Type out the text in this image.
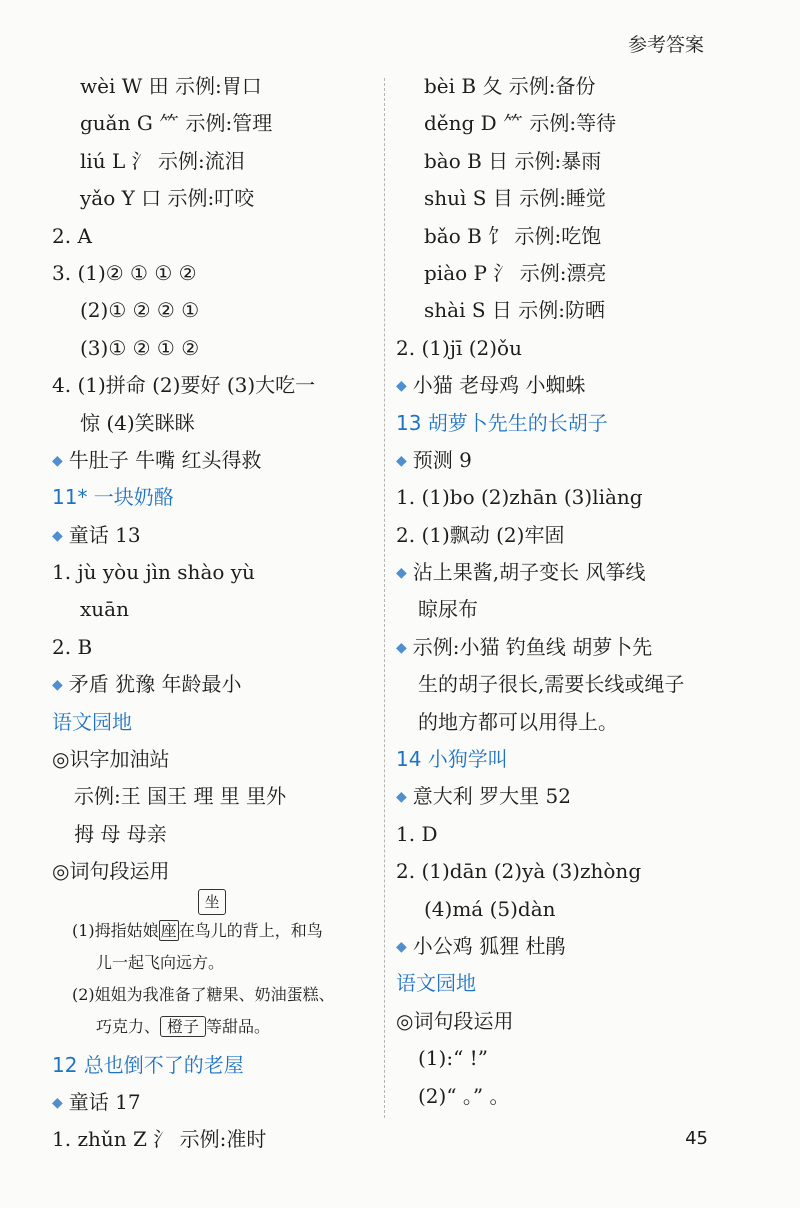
参考答案
wèi W 田 示例:胃口
guǎn G ⺮ 示例:管理
liú L 氵 示例:流泪
yǎo Y 口 示例:叮咬
2. A
3. (1)② ① ① ②
(2)① ② ② ①
(3)① ② ① ②
4. (1)拼命 (2)要好 (3)大吃一
惊 (4)笑眯眯
◆ 牛肚子 牛嘴 红头得救
11* 一块奶酪
◆ 童话 13
1. jù yòu jìn shào yù
xuān
2. B
◆ 矛盾 犹豫 年龄最小
语文园地
◎识字加油站
示例:王 国王 理 里 里外
拇 母 母亲
◎词句段运用
坐
(1)拇指姑娘 座 在鸟儿的背上，和鸟
儿一起飞向远方。
(2)姐姐为我准备了糖果、奶油蛋糕、
巧克力、 橙子 等甜品。
12 总也倒不了的老屋
◆ 童话 17
1. zhǔn Z 氵 示例:准时
bèi B 夂 示例:备份
děng D ⺮ 示例:等待
bào B 日 示例:暴雨
shuì S 目 示例:睡觉
bǎo B 饣 示例:吃饱
piào P 氵 示例:漂亮
shài S 日 示例:防晒
2. (1)jī (2)ǒu
◆ 小猫 老母鸡 小蜘蛛
13 胡萝卜先生的长胡子
◆ 预测 9
1. (1)bo (2)zhān (3)liàng
2. (1)飘动 (2)牢固
◆ 沾上果酱,胡子变长 风筝线
晾尿布
◆ 示例:小猫 钓鱼线 胡萝卜先
生的胡子很长,需要长线或绳子
的地方都可以用得上。
14 小狗学叫
◆ 意大利 罗大里 52
1. D
2. (1)dān (2)yà (3)zhòng
(4)má (5)dàn
◆ 小公鸡 狐狸 杜鹃
语文园地
◎词句段运用
(1):“ !”
(2)“ 。” 。
45
